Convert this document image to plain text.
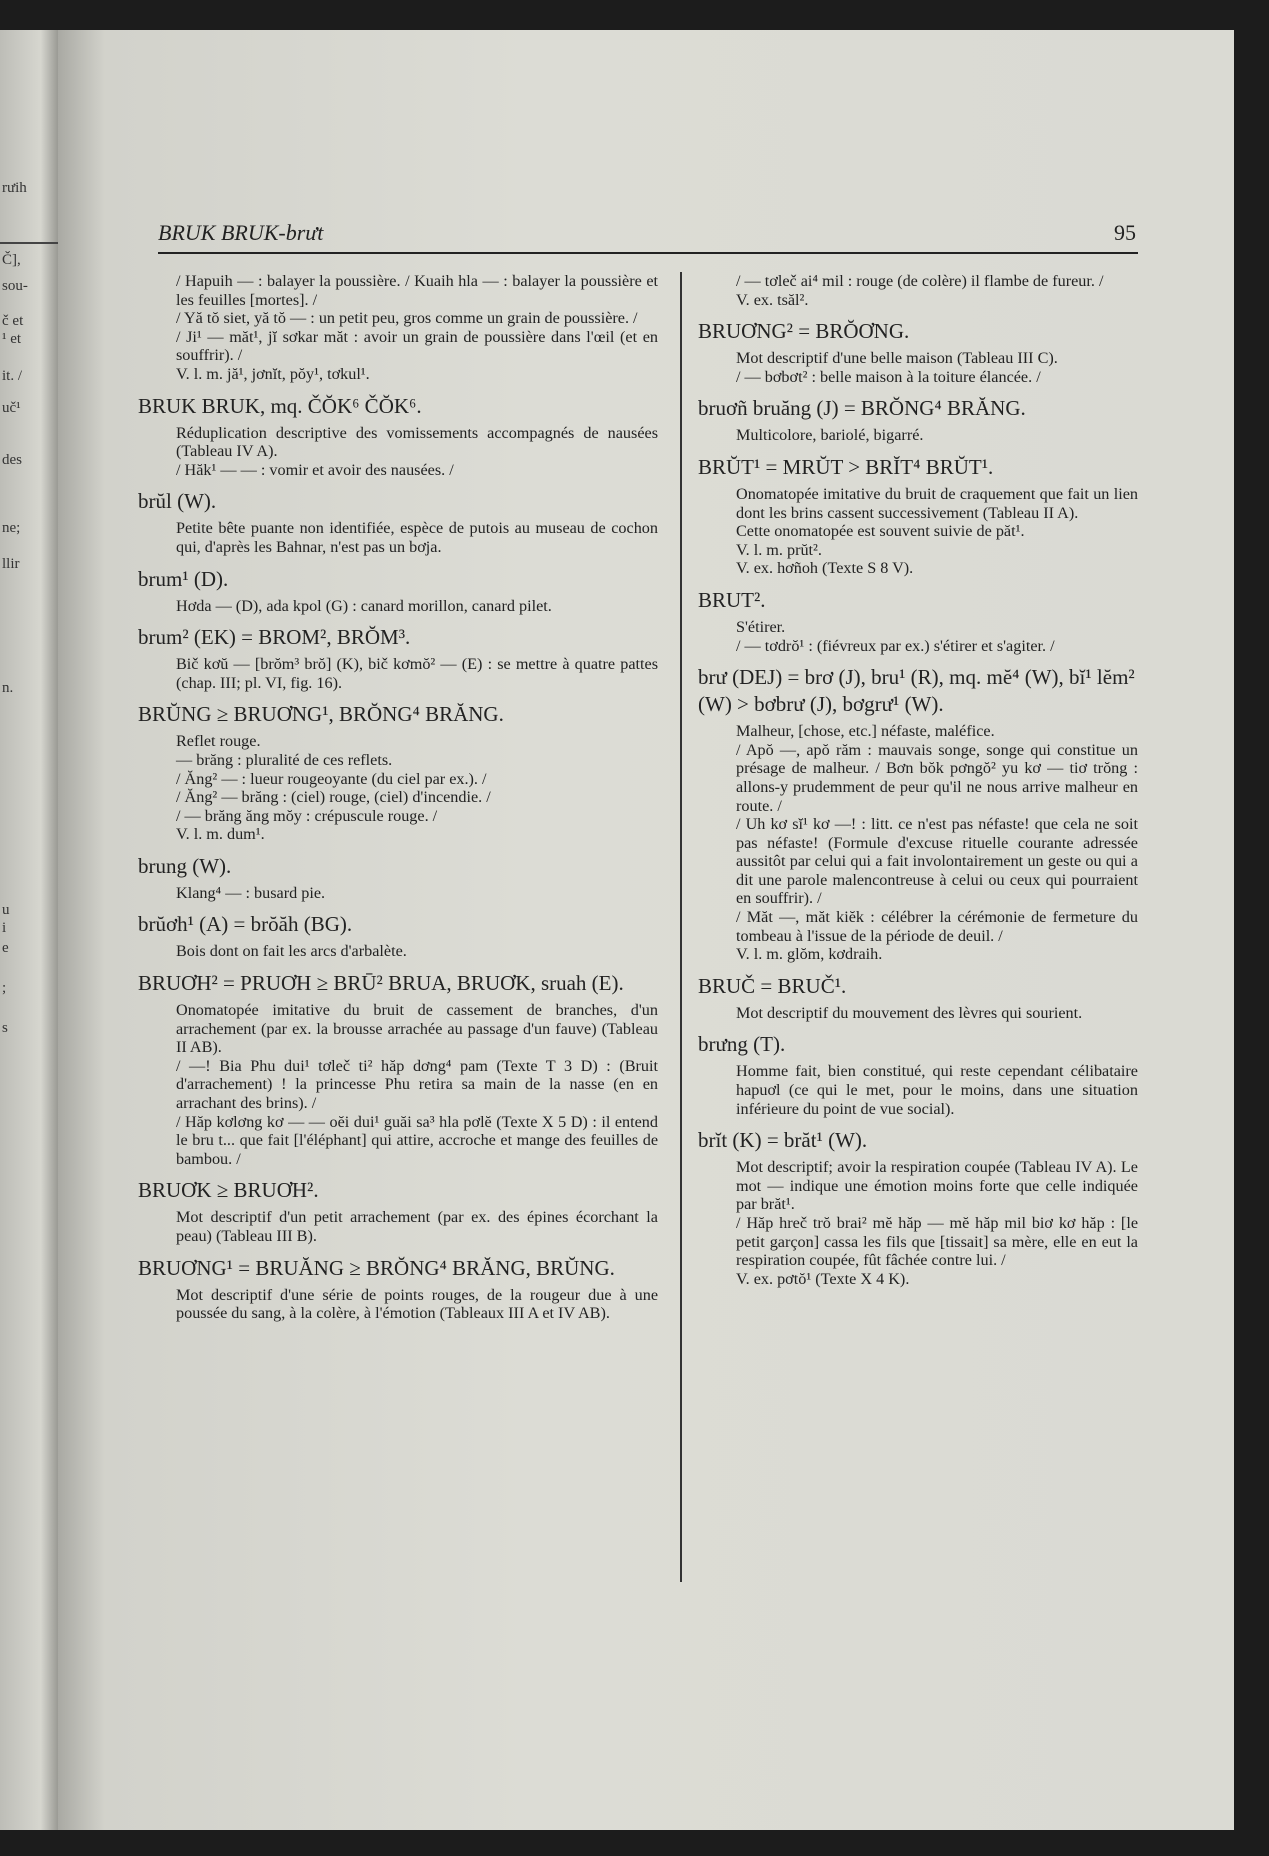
rưih
Č],
sou-
č et
¹ et
it. /
uč¹
des
ne;
llir
n.
u
i
e
;
s
BRUK BRUK-brưt	95

/ Hapuih — : balayer la poussière. / Kuaih hla — : balayer la poussière et les feuilles [mortes]. /

/ Yă tŏ siet, yă tŏ — : un petit peu, gros comme un grain de poussière. /

/ Ji¹ — măt¹, jĭ sơkar măt : avoir un grain de poussière dans l'œil (et en souffrir). /

V. l. m. jă¹, jơnĭt, pŏy¹, tơkul¹.

BRUK BRUK, mq. ČŎK⁶ ČŎK⁶.

Réduplication descriptive des vomissements accompagnés de nausées (Tableau IV A).

/ Hăk¹ — — : vomir et avoir des nausées. /

brŭl (W).

Petite bête puante non identifiée, espèce de putois au museau de cochon qui, d'après les Bahnar, n'est pas un bơja.

brum¹ (D).

Hơda — (D), ada kpol (G) : canard morillon, canard pilet.

brum² (EK) = BROM², BRŎM³.

Bič kơŭ — [brŏm³ brŏ] (K), bič kơmŏ² — (E) : se mettre à quatre pattes (chap. III; pl. VI, fig. 16).

BRŬNG ≥ BRUƠNG¹, BRŎNG⁴ BRĂNG.

Reflet rouge.

— brăng : pluralité de ces reflets.

/ Ăng² — : lueur rougeoyante (du ciel par ex.). /

/ Ăng² — brăng : (ciel) rouge, (ciel) d'incendie. /

/ — brăng ăng mŏy : crépuscule rouge. /

V. l. m. dum¹.

brung (W).

Klang⁴ — : busard pie.

brŭơh¹ (A) = brŏăh (BG).

Bois dont on fait les arcs d'arbalète.

BRUƠH² = PRUƠH ≥ BRŪ² BRUA, BRUƠK, sruah (E).

Onomatopée imitative du bruit de cassement de branches, d'un arrachement (par ex. la brousse arrachée au passage d'un fauve) (Tableau II AB).

/ —! Bia Phu dui¹ tơleč ti² hăp dơng⁴ pam (Texte T 3 D) : (Bruit d'arrachement) ! la princesse Phu retira sa main de la nasse (en en arrachant des brins). /

/ Hăp kơlơng kơ — — oĕi dui¹ guăi sa³ hla pơlĕ (Texte X 5 D) : il entend le bru t... que fait [l'éléphant] qui attire, accroche et mange des feuilles de bambou. /

BRUƠK ≥ BRUƠH².

Mot descriptif d'un petit arrachement (par ex. des épines écorchant la peau) (Tableau III B).

BRUƠNG¹ = BRUĂNG ≥ BRŎNG⁴ BRĂNG, BRŬNG.

Mot descriptif d'une série de points rouges, de la rougeur due à une poussée du sang, à la colère, à l'émotion (Tableaux III A et IV AB).

/ — tơleč ai⁴ mil : rouge (de colère) il flambe de fureur. /

V. ex. tsăl².

BRUƠNG² = BRŎƠNG.

Mot descriptif d'une belle maison (Tableau III C).

/ — bơbơt² : belle maison à la toiture élancée. /

bruơñ bruăng (J) = BRŎNG⁴ BRĂNG.

Multicolore, bariolé, bigarré.

BRŬT¹ = MRŬT > BRĬT⁴ BRŬT¹.

Onomatopée imitative du bruit de craquement que fait un lien dont les brins cassent successivement (Tableau II A).

Cette onomatopée est souvent suivie de păt¹.

V. l. m. prŭt².

V. ex. hơñoh (Texte S 8 V).

BRUT².

S'étirer.

/ — tơdrŏ¹ : (fiévreux par ex.) s'étirer et s'agiter. /

brư (DEJ) = brơ (J), bru¹ (R), mq. mĕ⁴ (W), bĭ¹ lĕm² (W) > bơbrư (J), bơgrư¹ (W).

Malheur, [chose, etc.] néfaste, maléfice.

/ Apŏ —, apŏ răm : mauvais songe, songe qui constitue un présage de malheur. / Bơn bŏk pơngŏ² yu kơ — tiơ trŏng : allons-y prudemment de peur qu'il ne nous arrive malheur en route. /

/ Uh kơ sĭ¹ kơ —! : litt. ce n'est pas néfaste! que cela ne soit pas néfaste! (Formule d'excuse rituelle courante adressée aussitôt par celui qui a fait involontairement un geste ou qui a dit une parole malencontreuse à celui ou ceux qui pourraient en souffrir). /

/ Măt —, măt kiĕk : célébrer la cérémonie de fermeture du tombeau à l'issue de la période de deuil. /

V. l. m. glŏm, kơdraih.

BRUČ = BRUČ¹.

Mot descriptif du mouvement des lèvres qui sourient.

brưng (T).

Homme fait, bien constitué, qui reste cependant célibataire hapuơl (ce qui le met, pour le moins, dans une situation inférieure du point de vue social).

brĭt (K) = brăt¹ (W).

Mot descriptif; avoir la respiration coupée (Tableau IV A). Le mot — indique une émotion moins forte que celle indiquée par brăt¹.

/ Hăp hreč trŏ brai² mĕ hăp — mĕ hăp mil biơ kơ hăp : [le petit garçon] cassa les fils que [tissait] sa mère, elle en eut la respiration coupée, fût fâchée contre lui. /

V. ex. pơtŏ¹ (Texte X 4 K).
